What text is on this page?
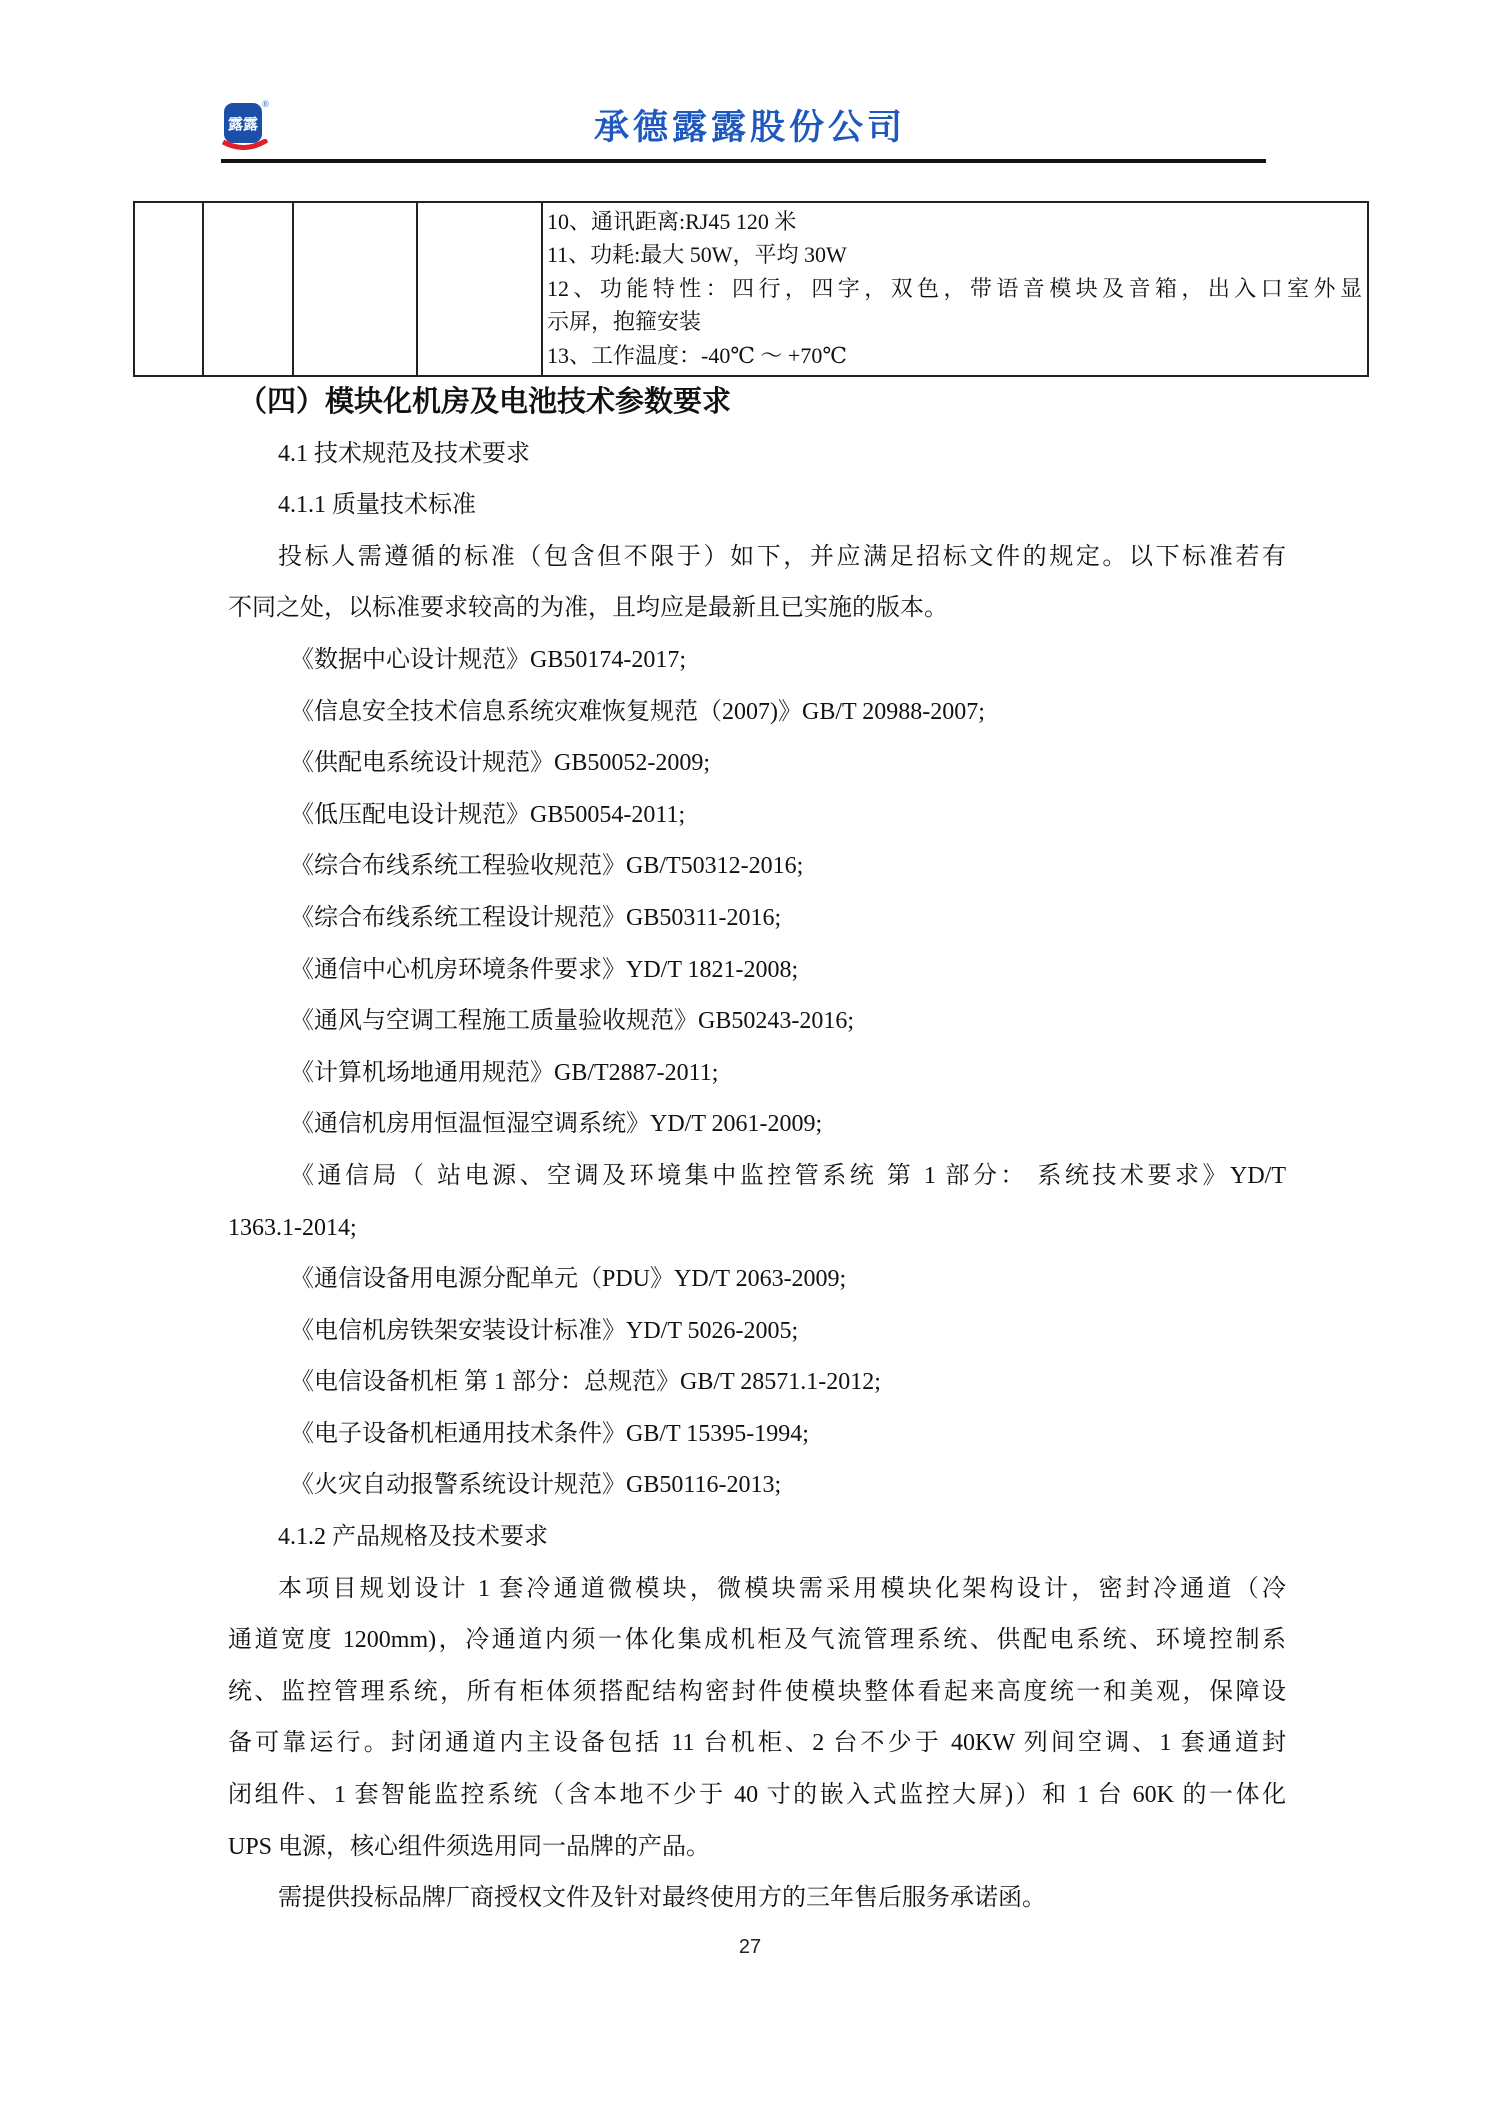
露露
®
承德露露股份公司
10、通讯距离:RJ45 120 米
11、功耗:最大 50W，平均 30W
12、功能特性：四行，四字，双色，带语音模块及音箱，出入口室外显
示屏，抱箍安装
13、工作温度：-40℃ ～ +70℃
（四）模块化机房及电池技术参数要求
4.1 技术规范及技术要求
4.1.1 质量技术标准
投标人需遵循的标准（包含但不限于）如下，并应满足招标文件的规定。以下标准若有
不同之处，以标准要求较高的为准，且均应是最新且已实施的版本。
《数据中心设计规范》GB50174-2017;
《信息安全技术信息系统灾难恢复规范（2007)》GB/T 20988-2007;
《供配电系统设计规范》GB50052-2009;
《低压配电设计规范》GB50054-2011;
《综合布线系统工程验收规范》GB/T50312-2016;
《综合布线系统工程设计规范》GB50311-2016;
《通信中心机房环境条件要求》YD/T 1821-2008;
《通风与空调工程施工质量验收规范》GB50243-2016;
《计算机场地通用规范》GB/T2887-2011;
《通信机房用恒温恒湿空调系统》YD/T 2061-2009;
《通信局（ 站电源、空调及环境集中监控管系统 第 1 部分： 系统技术要求》YD/T
1363.1-2014;
《通信设备用电源分配单元（PDU》YD/T 2063-2009;
《电信机房铁架安装设计标准》YD/T 5026-2005;
《电信设备机柜 第 1 部分：总规范》GB/T 28571.1-2012;
《电子设备机柜通用技术条件》GB/T 15395-1994;
《火灾自动报警系统设计规范》GB50116-2013;
4.1.2 产品规格及技术要求
本项目规划设计 1 套冷通道微模块，微模块需采用模块化架构设计，密封冷通道（冷
通道宽度 1200mm)，冷通道内须一体化集成机柜及气流管理系统、供配电系统、环境控制系
统、监控管理系统，所有柜体须搭配结构密封件使模块整体看起来高度统一和美观，保障设
备可靠运行。封闭通道内主设备包括 11 台机柜、2 台不少于 40KW 列间空调、1 套通道封
闭组件、1 套智能监控系统（含本地不少于 40 寸的嵌入式监控大屏)）和 1 台 60K 的一体化
UPS 电源，核心组件须选用同一品牌的产品。
需提供投标品牌厂商授权文件及针对最终使用方的三年售后服务承诺函。
27
